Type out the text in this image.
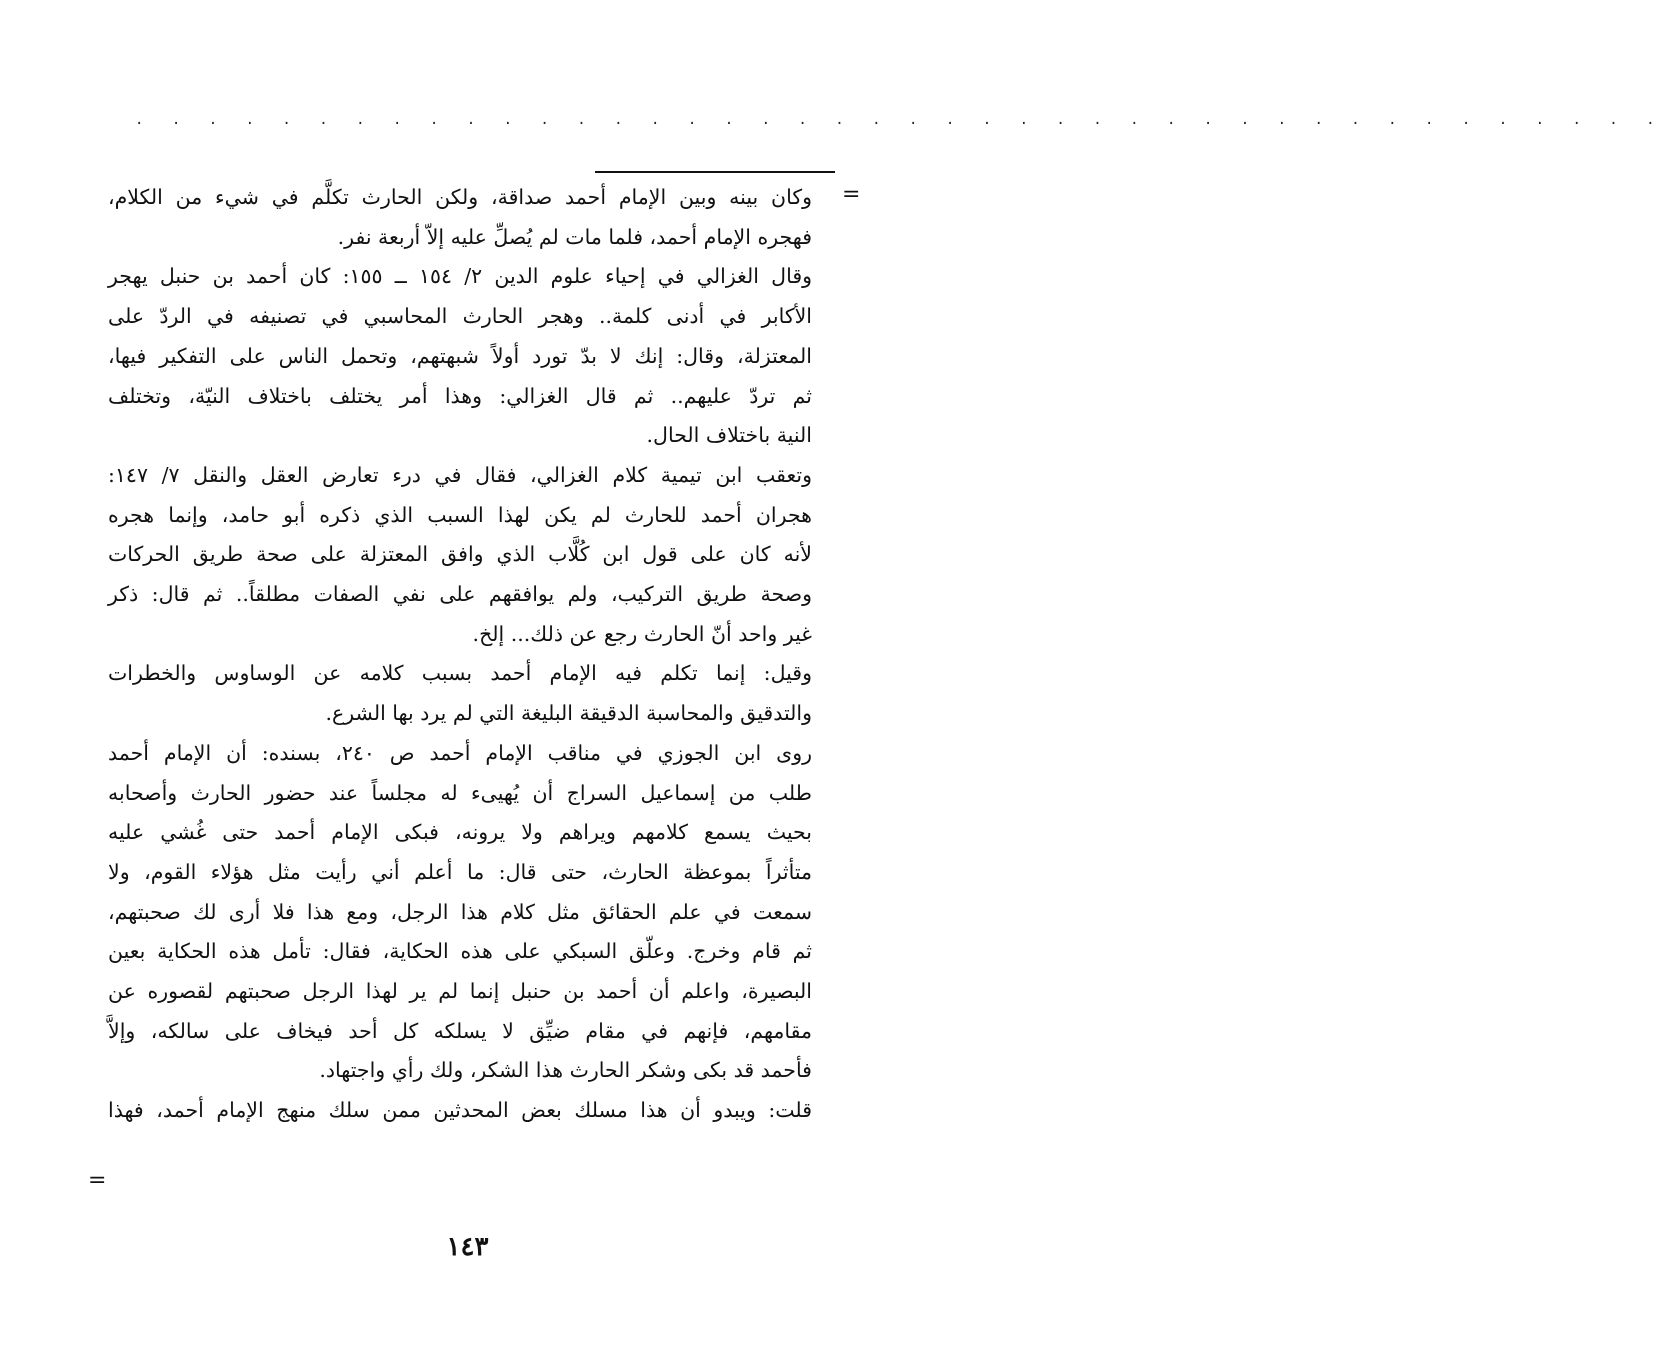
. . . . . . . . . . . . . . . . . . . . . . . . . . . . . . . . . . . . . . . . . .
=
=

وكان بينه وبين الإمام أحمد صداقة، ولكن الحارث تكلَّم في شيء من الكلام،
فهجره الإمام أحمد، فلما مات لم يُصلِّ عليه إلاّ أربعة نفر.

وقال الغزالي في إحياء علوم الدين ٢/ ١٥٤ ــ ١٥٥: كان أحمد بن حنبل يهجر
الأكابر في أدنى كلمة.. وهجر الحارث المحاسبي في تصنيفه في الردّ على
المعتزلة، وقال: إنك لا بدّ تورد أولاً شبهتهم، وتحمل الناس على التفكير فيها،
ثم تردّ عليهم.. ثم قال الغزالي: وهذا أمر يختلف باختلاف النيّة، وتختلف
النية باختلاف الحال.

وتعقب ابن تيمية كلام الغزالي، فقال في درء تعارض العقل والنقل ٧/ ١٤٧:
هجران أحمد للحارث لم يكن لهذا السبب الذي ذكره أبو حامد، وإنما هجره
لأنه كان على قول ابن كُلَّاب الذي وافق المعتزلة على صحة طريق الحركات
وصحة طريق التركيب، ولم يوافقهم على نفي الصفات مطلقاً.. ثم قال: ذكر
غير واحد أنّ الحارث رجع عن ذلك... إلخ.

وقيل: إنما تكلم فيه الإمام أحمد بسبب كلامه عن الوساوس والخطرات
والتدقيق والمحاسبة الدقيقة البليغة التي لم يرد بها الشرع.

روى ابن الجوزي في مناقب الإمام أحمد ص ٢٤٠، بسنده: أن الإمام أحمد
طلب من إسماعيل السراج أن يُهيىء له مجلساً عند حضور الحارث وأصحابه
بحيث يسمع كلامهم ويراهم ولا يرونه، فبكى الإمام أحمد حتى غُشي عليه
متأثراً بموعظة الحارث، حتى قال: ما أعلم أني رأيت مثل هؤلاء القوم، ولا
سمعت في علم الحقائق مثل كلام هذا الرجل، ومع هذا فلا أرى لك صحبتهم،
ثم قام وخرج. وعلّق السبكي على هذه الحكاية، فقال: تأمل هذه الحكاية بعين
البصيرة، واعلم أن أحمد بن حنبل إنما لم ير لهذا الرجل صحبتهم لقصوره عن
مقامهم، فإنهم في مقام ضيِّق لا يسلكه كل أحد فيخاف على سالكه، وإلاَّ
فأحمد قد بكى وشكر الحارث هذا الشكر، ولك رأي واجتهاد.

قلت: ويبدو أن هذا مسلك بعض المحدثين ممن سلك منهج الإمام أحمد، فهذا

١٤٣
